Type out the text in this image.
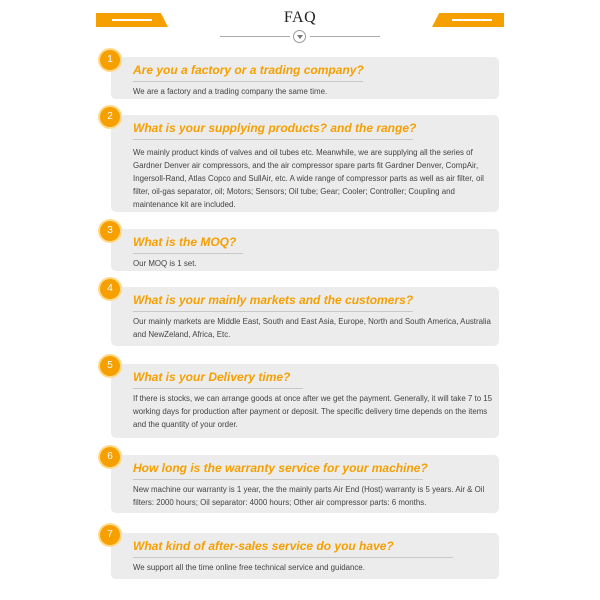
FAQ
Are you a factory or a trading company?
We are a factory and a trading company the same time.
1
What is your supplying products? and the range?
We mainly product kinds of valves and oil tubes etc. Meanwhile, we are supplying all the series of Gardner Denver air compressors, and the air compressor spare parts fit Gardner Denver, CompAir, Ingersoll-Rand, Atlas Copco and SullAir, etc. A wide range of compressor parts as well as air filter, oil filter, oil-gas separator, oil; Motors; Sensors; Oil tube; Gear; Cooler; Controller; Coupling and maintenance kit are included.
2
What is the MOQ?
Our MOQ is 1 set.
3
What is your mainly markets and the customers?
Our mainly markets are Middle East, South and East Asia, Europe, North and South America, Australia and NewZeland, Africa, Etc.
4
What is your Delivery time?
If there is stocks, we can arrange goods at once after we get the payment. Generally, it will take 7 to 15 working days for production after payment or deposit. The specific delivery time depends on the items and the quantity of your order.
5
How long is the warranty service for your machine?
New machine our warranty is 1 year, the the mainly parts Air End (Host) warranty is 5 years. Air & Oil filters: 2000 hours; Oil separator: 4000 hours; Other air compressor parts: 6 months.
6
What kind of after-sales service do you have?
We support all the time online free technical service and guidance.
7
